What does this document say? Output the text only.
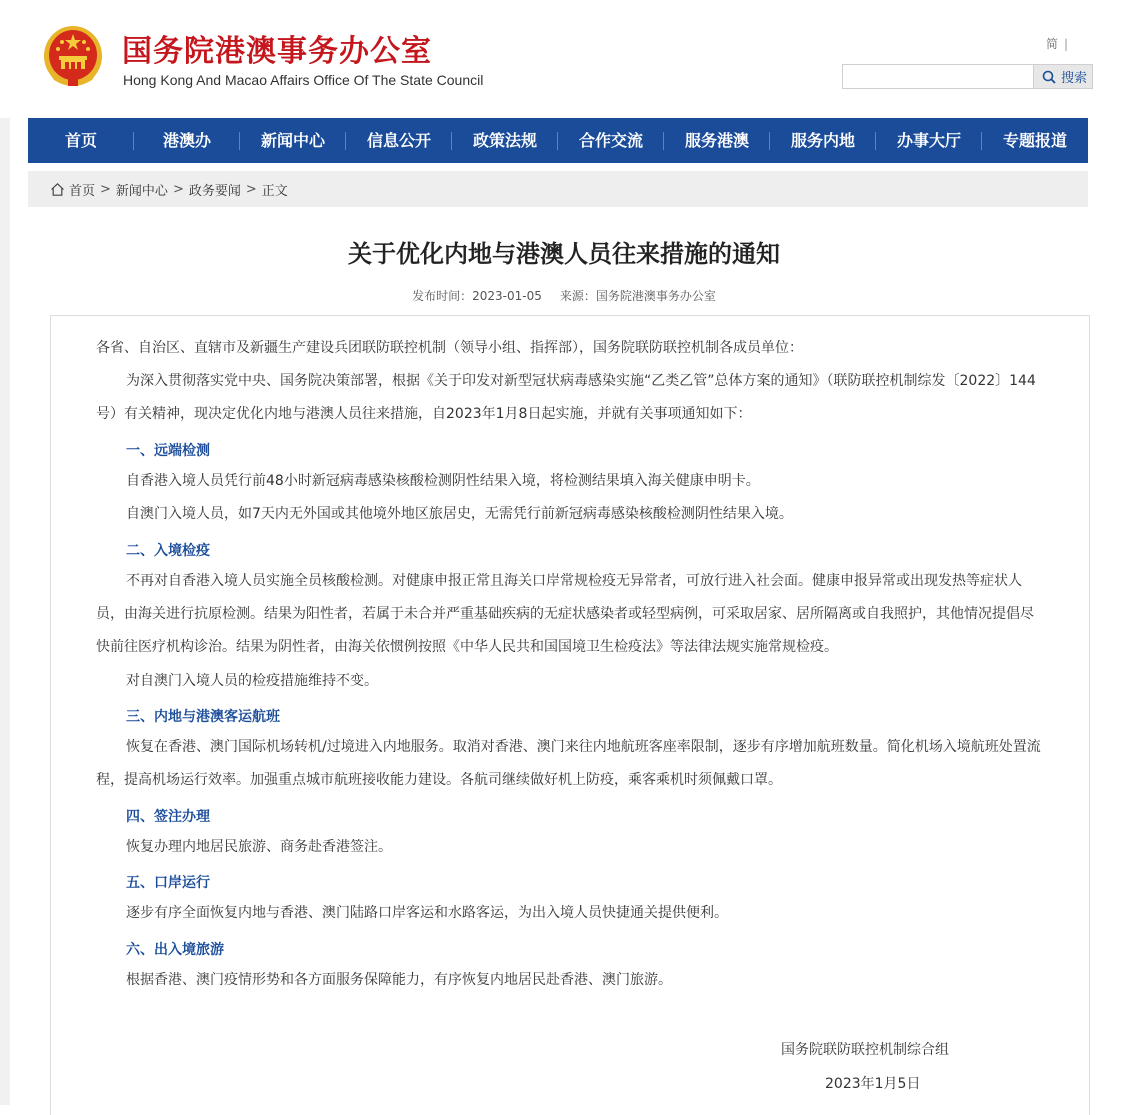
国务院港澳事务办公室
Hong Kong And Macao Affairs Office Of The State Council
简 |
搜索
首页	港澳办	新闻中心	信息公开	政策法规	合作交流	服务港澳	服务内地	办事大厅	专题报道
首页 > 新闻中心 > 政务要闻 > 正文
关于优化内地与港澳人员往来措施的通知
发布时间：2023-01-05 来源：国务院港澳事务办公室
各省、自治区、直辖市及新疆生产建设兵团联防联控机制（领导小组、指挥部），国务院联防联控机制各成员单位：
为深入贯彻落实党中央、国务院决策部署，根据《关于印发对新型冠状病毒感染实施“乙类乙管”总体方案的通知》（联防联控机制综发〔2022〕144号）有关精神，现决定优化内地与港澳人员往来措施，自2023年1月8日起实施，并就有关事项通知如下：
一、远端检测
自香港入境人员凭行前48小时新冠病毒感染核酸检测阴性结果入境，将检测结果填入海关健康申明卡。
自澳门入境人员，如7天内无外国或其他境外地区旅居史，无需凭行前新冠病毒感染核酸检测阴性结果入境。
二、入境检疫
不再对自香港入境人员实施全员核酸检测。对健康申报正常且海关口岸常规检疫无异常者，可放行进入社会面。健康申报异常或出现发热等症状人员，由海关进行抗原检测。结果为阳性者，若属于未合并严重基础疾病的无症状感染者或轻型病例，可采取居家、居所隔离或自我照护，其他情况提倡尽快前往医疗机构诊治。结果为阴性者，由海关依惯例按照《中华人民共和国国境卫生检疫法》等法律法规实施常规检疫。
对自澳门入境人员的检疫措施维持不变。
三、内地与港澳客运航班
恢复在香港、澳门国际机场转机/过境进入内地服务。取消对香港、澳门来往内地航班客座率限制，逐步有序增加航班数量。简化机场入境航班处置流程，提高机场运行效率。加强重点城市航班接收能力建设。各航司继续做好机上防疫，乘客乘机时须佩戴口罩。
四、签注办理
恢复办理内地居民旅游、商务赴香港签注。
五、口岸运行
逐步有序全面恢复内地与香港、澳门陆路口岸客运和水路客运，为出入境人员快捷通关提供便利。
六、出入境旅游
根据香港、澳门疫情形势和各方面服务保障能力，有序恢复内地居民赴香港、澳门旅游。
国务院联防联控机制综合组
2023年1月5日
